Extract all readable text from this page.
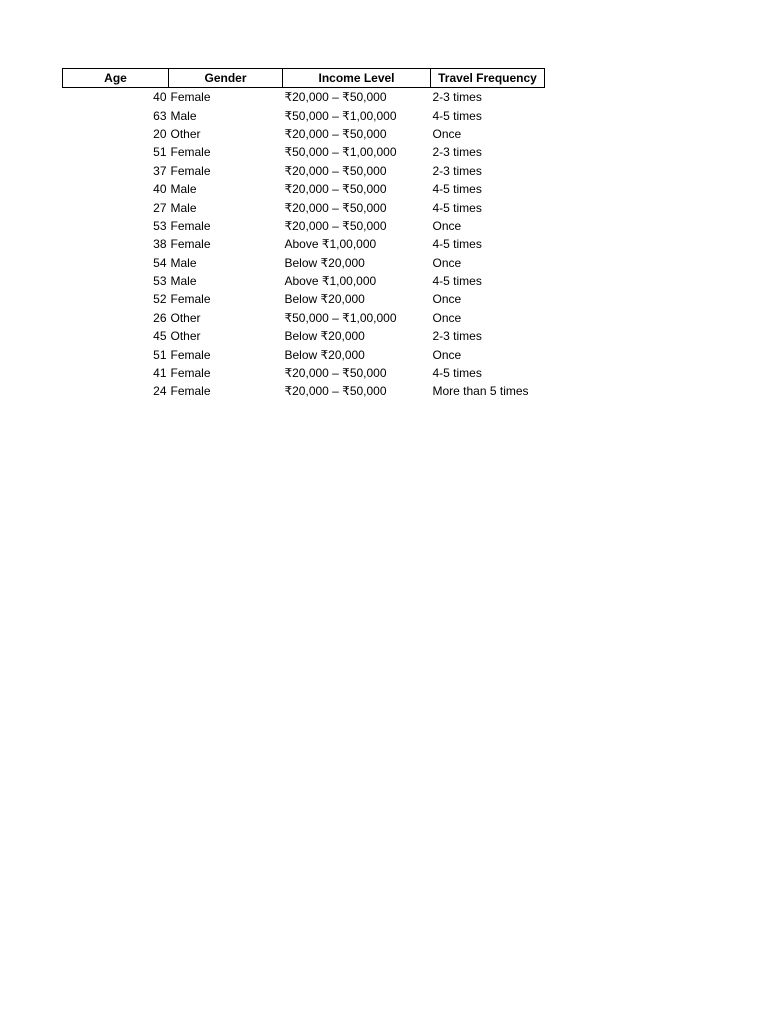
Age	Gender	Income Level	Travel Frequency
40	Female	₹20,000 – ₹50,000	2-3 times
63	Male	₹50,000 – ₹1,00,000	4-5 times
20	Other	₹20,000 – ₹50,000	Once
51	Female	₹50,000 – ₹1,00,000	2-3 times
37	Female	₹20,000 – ₹50,000	2-3 times
40	Male	₹20,000 – ₹50,000	4-5 times
27	Male	₹20,000 – ₹50,000	4-5 times
53	Female	₹20,000 – ₹50,000	Once
38	Female	Above ₹1,00,000	4-5 times
54	Male	Below ₹20,000	Once
53	Male	Above ₹1,00,000	4-5 times
52	Female	Below ₹20,000	Once
26	Other	₹50,000 – ₹1,00,000	Once
45	Other	Below ₹20,000	2-3 times
51	Female	Below ₹20,000	Once
41	Female	₹20,000 – ₹50,000	4-5 times
24	Female	₹20,000 – ₹50,000	More than 5 times
